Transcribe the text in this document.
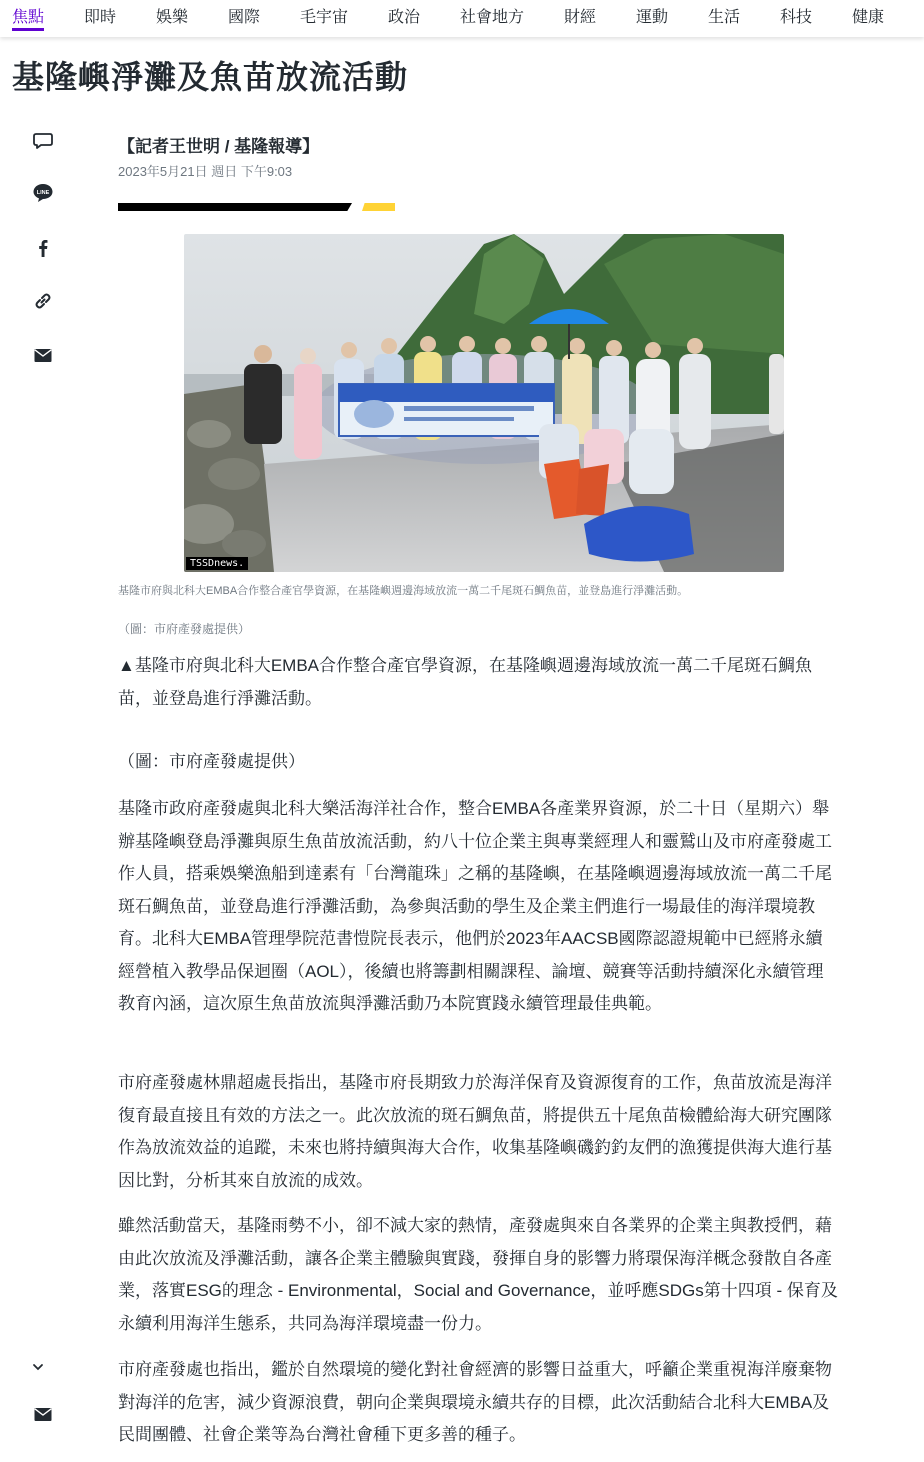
焦點 即時 娛樂 國際 毛宇宙 政治 社會地方 財經 運動 生活 科技 健康
基隆嶼淨灘及魚苗放流活動
LINE
【記者王世明 / 基隆報導】
2023年5月21日 週日 下午9:03
TSSDnews.
基隆市府與北科大EMBA合作整合產官學資源，在基隆嶼週邊海域放流一萬二千尾斑石鯛魚苗，並登島進行淨灘活動。
（圖：市府產發處提供）

▲基隆市府與北科大EMBA合作整合產官學資源，在基隆嶼週邊海域放流一萬二千尾斑石鯛魚苗，並登島進行淨灘活動。

（圖：市府產發處提供）

基隆市政府產發處與北科大樂活海洋社合作，整合EMBA各產業界資源，於二十日（星期六）舉辦基隆嶼登島淨灘與原生魚苗放流活動，約八十位企業主與專業經理人和靈鷲山及市府產發處工作人員，搭乘娛樂漁船到達素有「台灣龍珠」之稱的基隆嶼，在基隆嶼週邊海域放流一萬二千尾斑石鯛魚苗，並登島進行淨灘活動，為參與活動的學生及企業主們進行一場最佳的海洋環境教育。北科大EMBA管理學院范書愷院長表示，他們於2023年AACSB國際認證規範中已經將永續經營植入教學品保迴圈（AOL），後續也將籌劃相關課程、論壇、競賽等活動持續深化永續管理教育內涵，這次原生魚苗放流與淨灘活動乃本院實踐永續管理最佳典範。

市府產發處林鼎超處長指出，基隆市府長期致力於海洋保育及資源復育的工作，魚苗放流是海洋復育最直接且有效的方法之一。此次放流的斑石鯛魚苗，將提供五十尾魚苗檢體給海大研究團隊作為放流效益的追蹤，未來也將持續與海大合作，收集基隆嶼磯釣釣友們的漁獲提供海大進行基因比對，分析其來自放流的成效。

雖然活動當天，基隆雨勢不小，卻不減大家的熱情，產發處與來自各業界的企業主與教授們，藉由此次放流及淨灘活動，讓各企業主體驗與實踐，發揮自身的影響力將環保海洋概念發散自各產業，落實ESG的理念 - Environmental，Social and Governance，並呼應SDGs第十四項 - 保育及永續利用海洋生態系，共同為海洋環境盡一份力。

市府產發處也指出，鑑於自然環境的變化對社會經濟的影響日益重大，呼籲企業重視海洋廢棄物對海洋的危害，減少資源浪費，朝向企業與環境永續共存的目標，此次活動結合北科大EMBA及民間團體、社會企業等為台灣社會種下更多善的種子。
